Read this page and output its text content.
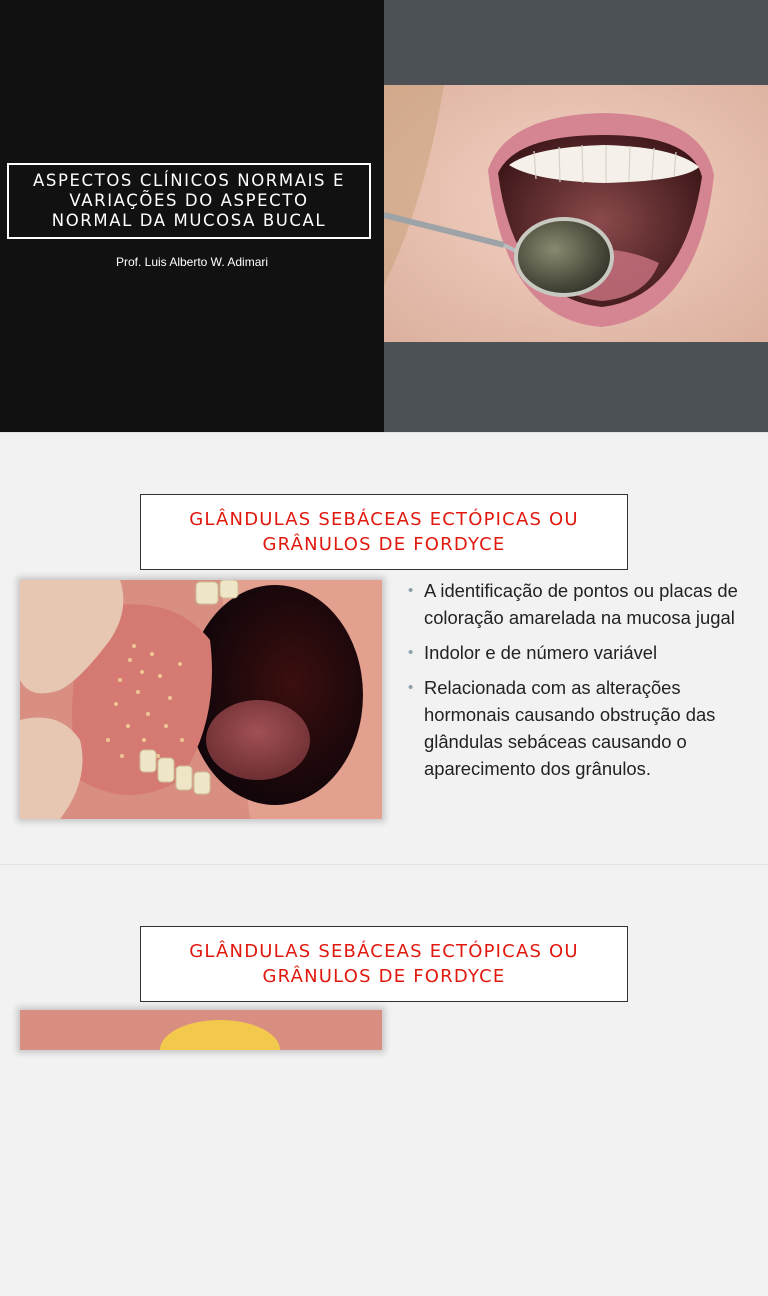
ASPECTOS CLÍNICOS NORMAIS E
VARIAÇÕES DO ASPECTO
NORMAL DA MUCOSA BUCAL
Prof. Luis Alberto W. Adimari
GLÂNDULAS SEBÁCEAS ECTÓPICAS OU
GRÂNULOS DE FORDYCE
• A identificação de pontos ou placas de coloração amarelada na mucosa jugal
• Indolor e de número variável
• Relacionada com as alterações hormonais causando obstrução das glândulas sebáceas causando o aparecimento dos grânulos.
GLÂNDULAS SEBÁCEAS ECTÓPICAS OU
GRÂNULOS DE FORDYCE
